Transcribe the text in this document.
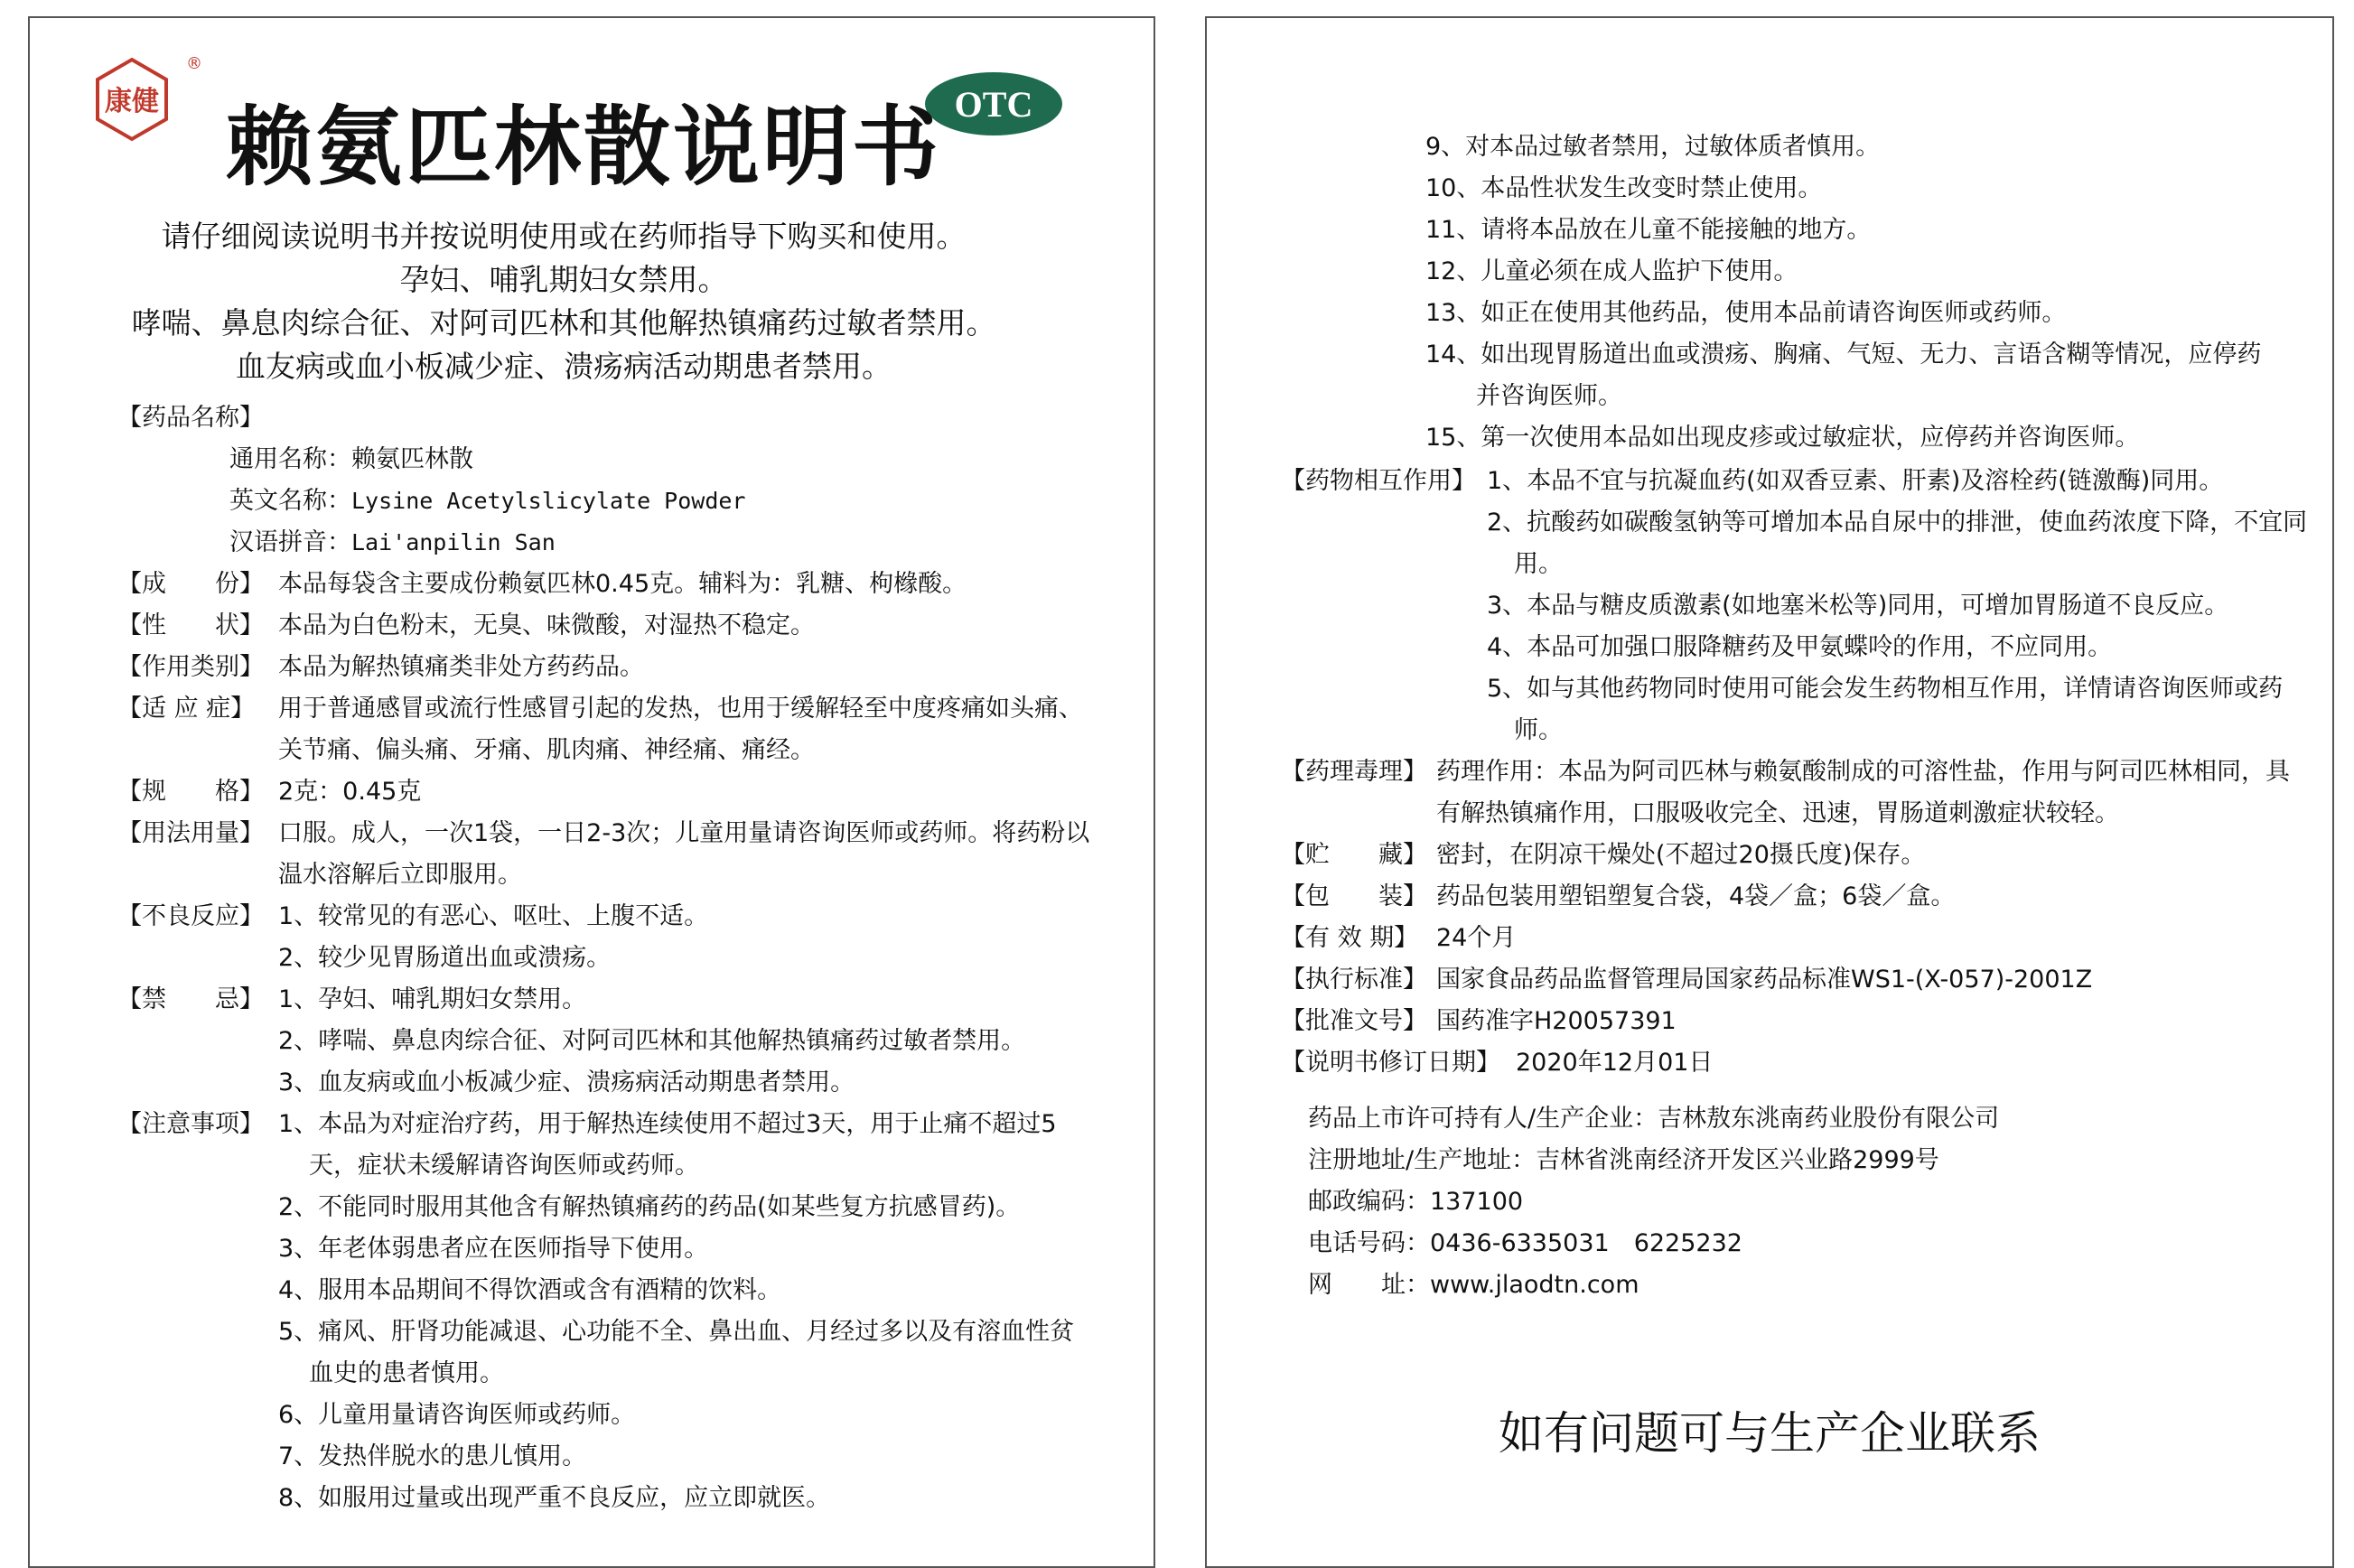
康健
®
OTC
赖氨匹林散说明书
请仔细阅读说明书并按说明使用或在药师指导下购买和使用。
孕妇、哺乳期妇女禁用。
哮喘、鼻息肉综合征、对阿司匹林和其他解热镇痛药过敏者禁用。
血友病或血小板减少症、溃疡病活动期患者禁用。
【药品名称】
通用名称：赖氨匹林散
英文名称：Lysine Acetylslicylate Powder
汉语拼音：Lai'anpilin San
【成　　份】 本品每袋含主要成份赖氨匹林0.45克。辅料为：乳糖、枸橼酸。
【性　　状】 本品为白色粉末，无臭、味微酸，对湿热不稳定。
【作用类别】 本品为解热镇痛类非处方药药品。
【适 应 症】 用于普通感冒或流行性感冒引起的发热，也用于缓解轻至中度疼痛如头痛、关节痛、偏头痛、牙痛、肌肉痛、神经痛、痛经。
【规　　格】 2克：0.45克
【用法用量】 口服。成人，一次1袋，一日2-3次；儿童用量请咨询医师或药师。将药粉以温水溶解后立即服用。
【不良反应】 1、较常见的有恶心、呕吐、上腹不适。
2、较少见胃肠道出血或溃疡。
【禁　　忌】 1、孕妇、哺乳期妇女禁用。
2、哮喘、鼻息肉综合征、对阿司匹林和其他解热镇痛药过敏者禁用。
3、血友病或血小板减少症、溃疡病活动期患者禁用。
【注意事项】 1、本品为对症治疗药，用于解热连续使用不超过3天，用于止痛不超过5天，症状未缓解请咨询医师或药师。
2、不能同时服用其他含有解热镇痛药的药品(如某些复方抗感冒药)。
3、年老体弱患者应在医师指导下使用。
4、服用本品期间不得饮酒或含有酒精的饮料。
5、痛风、肝肾功能减退、心功能不全、鼻出血、月经过多以及有溶血性贫血史的患者慎用。
6、儿童用量请咨询医师或药师。
7、发热伴脱水的患儿慎用。
8、如服用过量或出现严重不良反应，应立即就医。
9、对本品过敏者禁用，过敏体质者慎用。
10、本品性状发生改变时禁止使用。
11、请将本品放在儿童不能接触的地方。
12、儿童必须在成人监护下使用。
13、如正在使用其他药品，使用本品前请咨询医师或药师。
14、如出现胃肠道出血或溃疡、胸痛、气短、无力、言语含糊等情况，应停药并咨询医师。
15、第一次使用本品如出现皮疹或过敏症状，应停药并咨询医师。
【药物相互作用】 1、本品不宜与抗凝血药(如双香豆素、肝素)及溶栓药(链激酶)同用。
2、抗酸药如碳酸氢钠等可增加本品自尿中的排泄，使血药浓度下降，不宜同用。
3、本品与糖皮质激素(如地塞米松等)同用，可增加胃肠道不良反应。
4、本品可加强口服降糖药及甲氨蝶呤的作用，不应同用。
5、如与其他药物同时使用可能会发生药物相互作用，详情请咨询医师或药师。
【药理毒理】 药理作用：本品为阿司匹林与赖氨酸制成的可溶性盐，作用与阿司匹林相同，具有解热镇痛作用，口服吸收完全、迅速，胃肠道刺激症状较轻。
【贮　　藏】 密封，在阴凉干燥处(不超过20摄氏度)保存。
【包　　装】 药品包装用塑铝塑复合袋，4袋／盒；6袋／盒。
【有 效 期】 24个月
【执行标准】 国家食品药品监督管理局国家药品标准WS1-(X-057)-2001Z
【批准文号】 国药准字H20057391
【说明书修订日期】 2020年12月01日
药品上市许可持有人/生产企业：吉林敖东洮南药业股份有限公司
注册地址/生产地址：吉林省洮南经济开发区兴业路2999号
邮政编码：137100
电话号码：0436-6335031　6225232
网　　址：www.jlaodtn.com
如有问题可与生产企业联系
